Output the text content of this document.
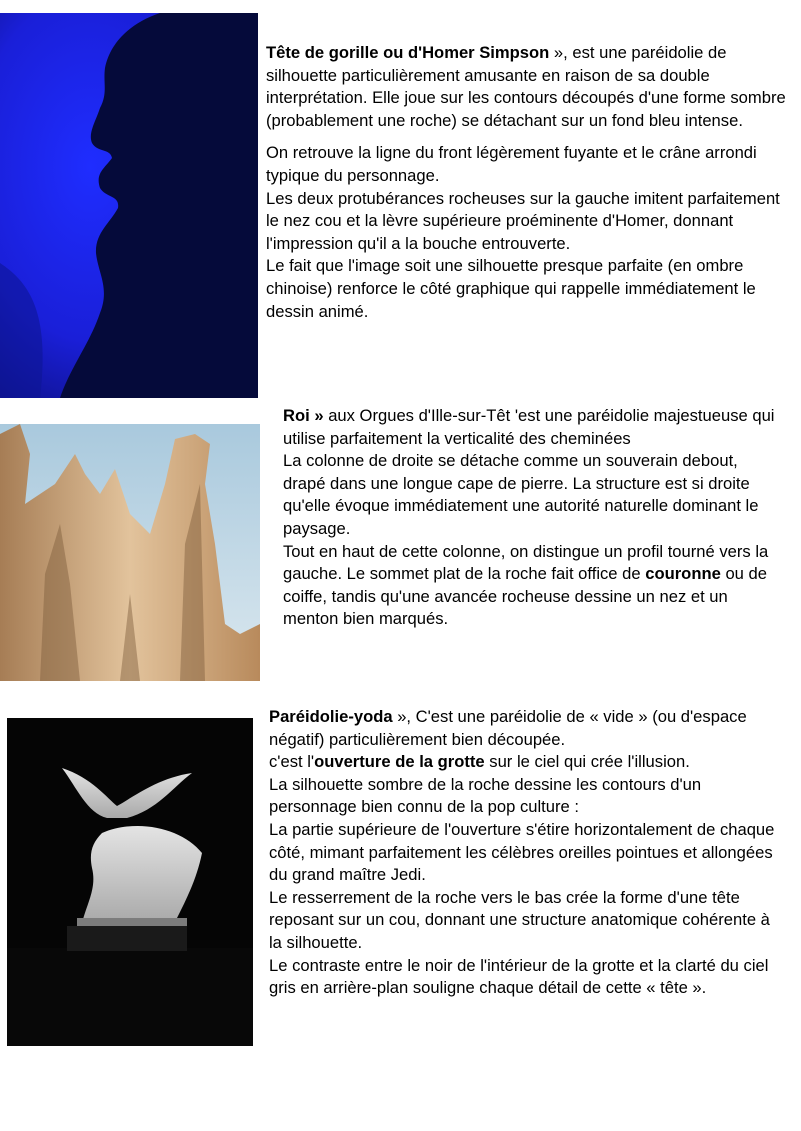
Tête de gorille ou d'Homer Simpson », est une paréidolie de silhouette particulièrement amusante en raison de sa double interprétation. Elle joue sur les contours découpés d'une forme sombre (probablement une roche) se détachant sur un fond bleu intense.

On retrouve la ligne du front légèrement fuyante et le crâne arrondi typique du personnage.

Les deux protubérances rocheuses sur la gauche imitent parfaitement le nez cou et la lèvre supérieure proéminente d'Homer, donnant l'impression qu'il a la bouche entrouverte.

Le fait que l'image soit une silhouette presque parfaite (en ombre chinoise) renforce le côté graphique qui rappelle immédiatement le dessin animé.

Roi » aux Orgues d'Ille-sur-Têt 'est une paréidolie majestueuse qui utilise parfaitement la verticalité des cheminées

La colonne de droite se détache comme un souverain debout, drapé dans une longue cape de pierre. La structure est si droite qu'elle évoque immédiatement une autorité naturelle dominant le paysage.

Tout en haut de cette colonne, on distingue un profil tourné vers la gauche. Le sommet plat de la roche fait office de couronne ou de coiffe, tandis qu'une avancée rocheuse dessine un nez et un menton bien marqués.

Paréidolie-yoda », C'est une paréidolie de « vide » (ou d'espace négatif) particulièrement bien découpée.

c'est l'ouverture de la grotte sur le ciel qui crée l'illusion.

La silhouette sombre de la roche dessine les contours d'un personnage bien connu de la pop culture :

La partie supérieure de l'ouverture s'étire horizontalement de chaque côté, mimant parfaitement les célèbres oreilles pointues et allongées du grand maître Jedi.

Le resserrement de la roche vers le bas crée la forme d'une tête reposant sur un cou, donnant une structure anatomique cohérente à la silhouette.

Le contraste entre le noir de l'intérieur de la grotte et la clarté du ciel gris en arrière-plan souligne chaque détail de cette « tête ».
